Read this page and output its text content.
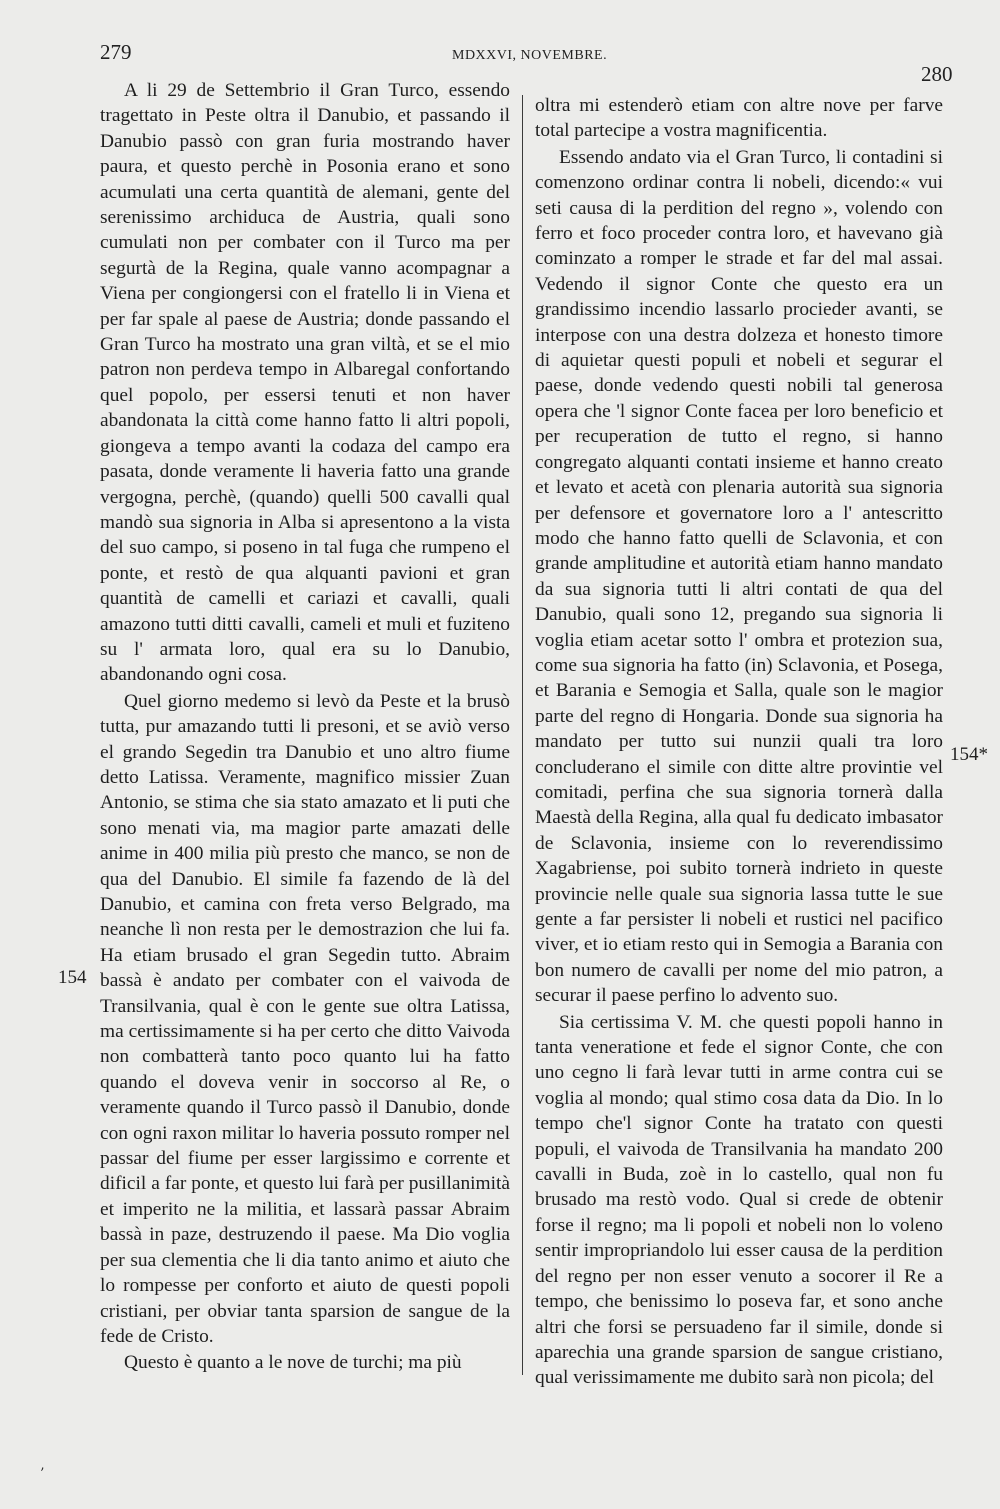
279	MDXXVI, NOVEMBRE.
280

A li 29 de Settembrio il Gran Turco, essendo tragettato in Peste oltra il Danubio, et passando il Danubio passò con gran furia mostrando haver paura, et questo perchè in Posonia erano et sono acumulati una certa quantità de alemani, gente del serenissimo archiduca de Austria, quali sono cumulati non per combater con il Turco ma per segurtà de la Regina, quale vanno acompagnar a Viena per congiongersi con el fratello li in Viena et per far spale al paese de Austria; donde passando el Gran Turco ha mostrato una gran viltà, et se el mio patron non perdeva tempo in Albaregal confortando quel popolo, per essersi tenuti et non haver abandonata la città come hanno fatto li altri popoli, giongeva a tempo avanti la codaza del campo era pasata, donde veramente li haveria fatto una grande vergogna, perchè, (quando) quelli 500 cavalli qual mandò sua signoria in Alba si apresentono a la vista del suo campo, si poseno in tal fuga che rumpeno el ponte, et restò de qua alquanti pavioni et gran quantità de camelli et cariazi et cavalli, quali amazono tutti ditti cavalli, cameli et muli et fuziteno su l' armata loro, qual era su lo Danubio, abandonando ogni cosa.

Quel giorno medemo si levò da Peste et la brusò tutta, pur amazando tutti li presoni, et se aviò verso el grando Segedin tra Danubio et uno altro fiume detto Latissa. Veramente, magnifico missier Zuan Antonio, se stima che sia stato amazato et li puti che sono menati via, ma magior parte amazati delle anime in 400 milia più presto che manco, se non de qua del Danubio. El simile fa fazendo de là del Danubio, et camina con freta verso Belgrado, ma neanche lì non resta per le demostrazion che lui fa. Ha etiam brusado el gran Segedin tutto. Abraim bassà è andato per combater con el vaivoda de Transilvania, qual è con le gente sue oltra Latissa, ma certissimamente si ha per certo che ditto Vaivoda non combatterà tanto poco quanto lui ha fatto quando el doveva venir in soccorso al Re, o veramente quando il Turco passò il Danubio, donde con ogni raxon militar lo haveria possuto romper nel passar del fiume per esser largissimo e corrente et dificil a far ponte, et questo lui farà per pusillanimità et imperito ne la militia, et lassarà passar Abraim bassà in paze, destruzendo il paese. Ma Dio voglia per sua clementia che li dia tanto animo et aiuto che lo rompesse per conforto et aiuto de questi popoli cristiani, per obviar tanta sparsion de sangue de la fede de Cristo.

Questo è quanto a le nove de turchi; ma più

oltra mi estenderò etiam con altre nove per farve total partecipe a vostra magnificentia.

Essendo andato via el Gran Turco, li contadini si comenzono ordinar contra li nobeli, dicendo:« vui seti causa di la perdition del regno », volendo con ferro et foco proceder contra loro, et havevano già cominzato a romper le strade et far del mal assai. Vedendo il signor Conte che questo era un grandissimo incendio lassarlo procieder avanti, se interpose con una destra dolzeza et honesto timore di aquietar questi populi et nobeli et segurar el paese, donde vedendo questi nobili tal generosa opera che 'l signor Conte facea per loro beneficio et per recuperation de tutto el regno, si hanno congregato alquanti contati insieme et hanno creato et levato et acetà con plenaria autorità sua signoria per defensore et governatore loro a l' antescritto modo che hanno fatto quelli de Sclavonia, et con grande amplitudine et autorità etiam hanno mandato da sua signoria tutti li altri contati de qua del Danubio, quali sono 12, pregando sua signoria li voglia etiam acetar sotto l' ombra et protezion sua, come sua signoria ha fatto (in) Sclavonia, et Posega, et Barania e Semogia et Salla, quale son le magior parte del regno di Hongaria. Donde sua signoria ha mandato per tutto sui nunzii quali tra loro concluderano el simile con ditte altre provintie vel comitadi, perfina che sua signoria tornerà dalla Maestà della Regina, alla qual fu dedicato imbasator de Sclavonia, insieme con lo reverendissimo Xagabriense, poi subito tornerà indrieto in queste provincie nelle quale sua signoria lassa tutte le sue gente a far persister li nobeli et rustici nel pacifico viver, et io etiam resto qui in Semogia a Barania con bon numero de cavalli per nome del mio patron, a securar il paese perfino lo advento suo.

Sia certissima V. M. che questi popoli hanno in tanta veneratione et fede el signor Conte, che con uno cegno li farà levar tutti in arme contra cui se voglia al mondo; qual stimo cosa data da Dio. In lo tempo che'l signor Conte ha tratato con questi populi, el vaivoda de Transilvania ha mandato 200 cavalli in Buda, zoè in lo castello, qual non fu brusado ma restò vodo. Qual si crede de obtenir forse il regno; ma li popoli et nobeli non lo voleno sentir impropriandolo lui esser causa de la perdition del regno per non esser venuto a socorer il Re a tempo, che benissimo lo poseva far, et sono anche altri che forsi se persuadeno far il simile, donde si aparechia una grande sparsion de sangue cristiano, qual verissimamente me dubito sarà non picola; del

154
154*
’
